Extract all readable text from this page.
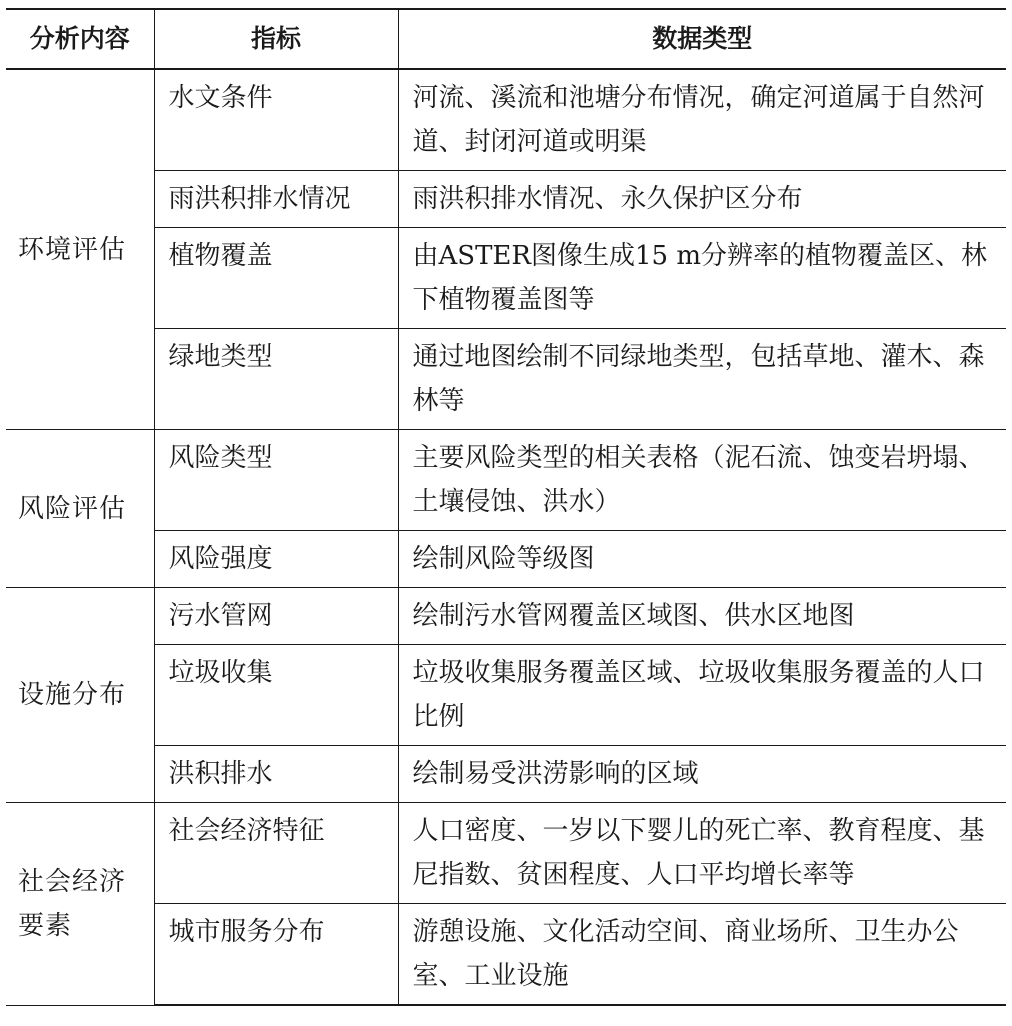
分析内容	指标	数据类型
环境评估	水文条件	河流、溪流和池塘分布情况，确定河道属于自然河道、封闭河道或明渠
	雨洪积排水情况	雨洪积排水情况、永久保护区分布
	植物覆盖	由ASTER图像生成15 m分辨率的植物覆盖区、林下植物覆盖图等
	绿地类型	通过地图绘制不同绿地类型，包括草地、灌木、森林等
风险评估	风险类型	主要风险类型的相关表格（泥石流、蚀变岩坍塌、土壤侵蚀、洪水）
	风险强度	绘制风险等级图
设施分布	污水管网	绘制污水管网覆盖区域图、供水区地图
	垃圾收集	垃圾收集服务覆盖区域、垃圾收集服务覆盖的人口比例
	洪积排水	绘制易受洪涝影响的区域
社会经济要素	社会经济特征	人口密度、一岁以下婴儿的死亡率、教育程度、基尼指数、贫困程度、人口平均增长率等
	城市服务分布	游憩设施、文化活动空间、商业场所、卫生办公室、工业设施
